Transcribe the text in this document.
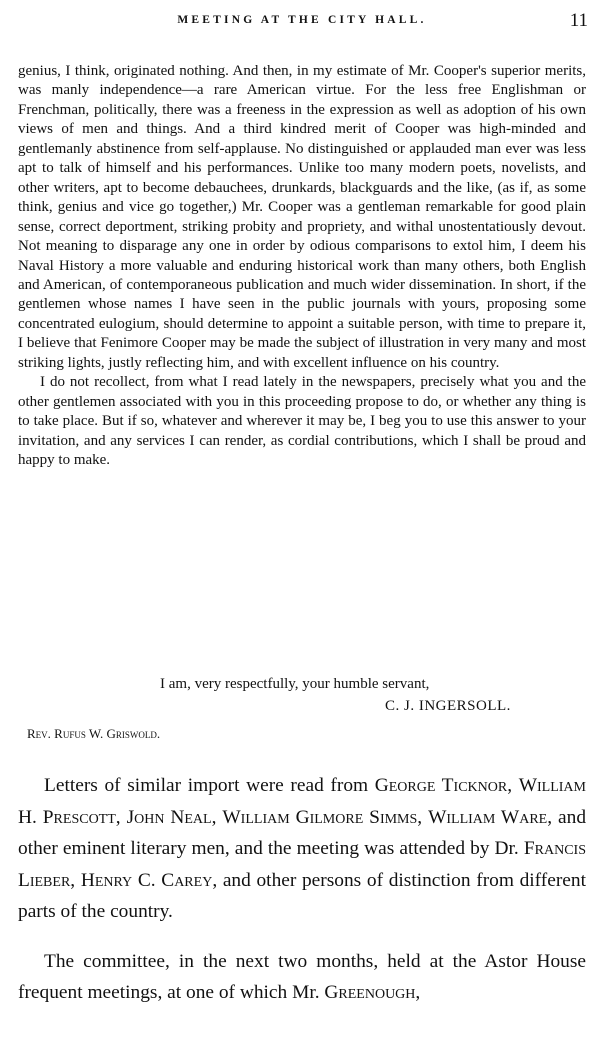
MEETING AT THE CITY HALL.	11

genius, I think, originated nothing. And then, in my estimate of Mr. Cooper's superior merits, was manly independence—a rare American virtue. For the less free Englishman or Frenchman, politically, there was a freeness in the expression as well as adoption of his own views of men and things. And a third kindred merit of Cooper was high-minded and gentlemanly abstinence from self-applause. No distinguished or applauded man ever was less apt to talk of himself and his performances. Unlike too many modern poets, novelists, and other writers, apt to become debauchees, drunkards, blackguards and the like, (as if, as some think, genius and vice go together,) Mr. Cooper was a gentleman remarkable for good plain sense, correct deportment, striking probity and propriety, and withal unostentatiously devout. Not meaning to disparage any one in order by odious comparisons to extol him, I deem his Naval History a more valuable and enduring historical work than many others, both English and American, of contemporaneous publication and much wider dissemination. In short, if the gentlemen whose names I have seen in the public journals with yours, proposing some concentrated eulogium, should determine to appoint a suitable person, with time to prepare it, I believe that Fenimore Cooper may be made the subject of illustration in very many and most striking lights, justly reflecting him, and with excellent influence on his country.

I do not recollect, from what I read lately in the newspapers, precisely what you and the other gentlemen associated with you in this proceeding propose to do, or whether any thing is to take place. But if so, whatever and wherever it may be, I beg you to use this answer to your invitation, and any services I can render, as cordial contributions, which I shall be proud and happy to make.

I am, very respectfully, your humble servant,
C. J. INGERSOLL.
Rev. Rufus W. Griswold.

Letters of similar import were read from George Ticknor, William H. Prescott, John Neal, William Gilmore Simms, William Ware, and other eminent literary men, and the meeting was attended by Dr. Francis Lieber, Henry C. Carey, and other persons of distinction from different parts of the country.

The committee, in the next two months, held at the Astor House frequent meetings, at one of which Mr. Greenough,
